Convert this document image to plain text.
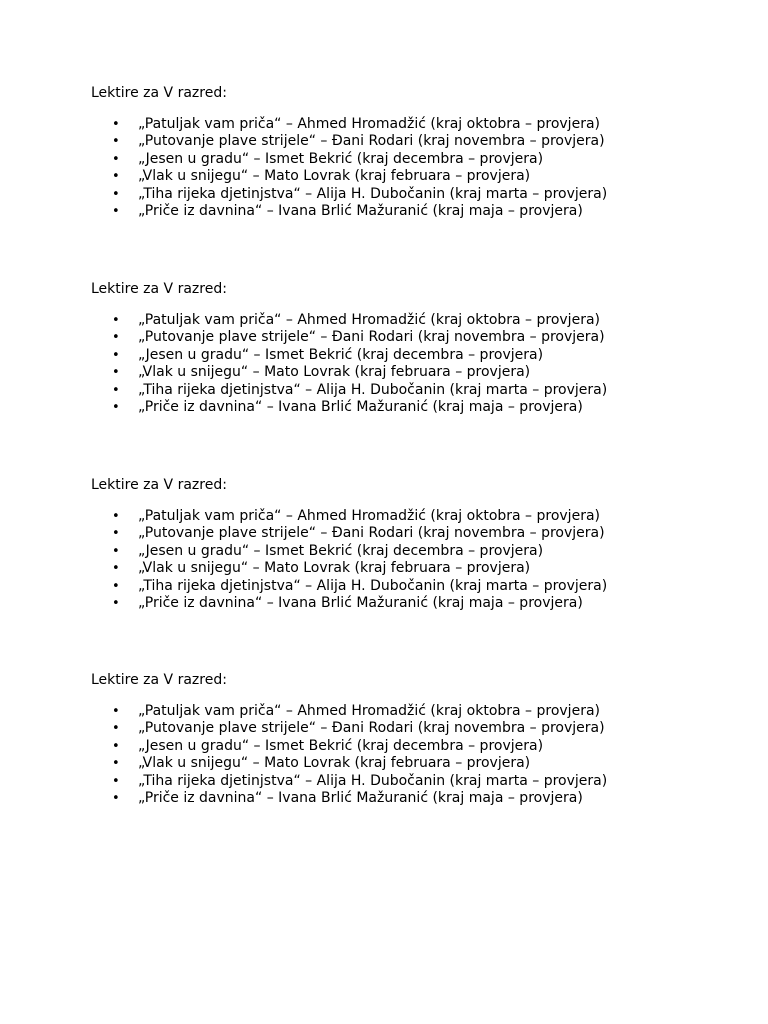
Lektire za V razred:

• „Patuljak vam priča“ – Ahmed Hromadžić (kraj oktobra – provjera)
• „Putovanje plave strijele“ – Đani Rodari (kraj novembra – provjera)
• „Jesen u gradu“ – Ismet Bekrić (kraj decembra – provjera)
• „Vlak u snijegu“ – Mato Lovrak (kraj februara – provjera)
• „Tiha rijeka djetinjstva“ – Alija H. Dubočanin (kraj marta – provjera)
• „Priče iz davnina“ – Ivana Brlić Mažuranić (kraj maja – provjera)

Lektire za V razred:

• „Patuljak vam priča“ – Ahmed Hromadžić (kraj oktobra – provjera)
• „Putovanje plave strijele“ – Đani Rodari (kraj novembra – provjera)
• „Jesen u gradu“ – Ismet Bekrić (kraj decembra – provjera)
• „Vlak u snijegu“ – Mato Lovrak (kraj februara – provjera)
• „Tiha rijeka djetinjstva“ – Alija H. Dubočanin (kraj marta – provjera)
• „Priče iz davnina“ – Ivana Brlić Mažuranić (kraj maja – provjera)

Lektire za V razred:

• „Patuljak vam priča“ – Ahmed Hromadžić (kraj oktobra – provjera)
• „Putovanje plave strijele“ – Đani Rodari (kraj novembra – provjera)
• „Jesen u gradu“ – Ismet Bekrić (kraj decembra – provjera)
• „Vlak u snijegu“ – Mato Lovrak (kraj februara – provjera)
• „Tiha rijeka djetinjstva“ – Alija H. Dubočanin (kraj marta – provjera)
• „Priče iz davnina“ – Ivana Brlić Mažuranić (kraj maja – provjera)

Lektire za V razred:

• „Patuljak vam priča“ – Ahmed Hromadžić (kraj oktobra – provjera)
• „Putovanje plave strijele“ – Đani Rodari (kraj novembra – provjera)
• „Jesen u gradu“ – Ismet Bekrić (kraj decembra – provjera)
• „Vlak u snijegu“ – Mato Lovrak (kraj februara – provjera)
• „Tiha rijeka djetinjstva“ – Alija H. Dubočanin (kraj marta – provjera)
• „Priče iz davnina“ – Ivana Brlić Mažuranić (kraj maja – provjera)
